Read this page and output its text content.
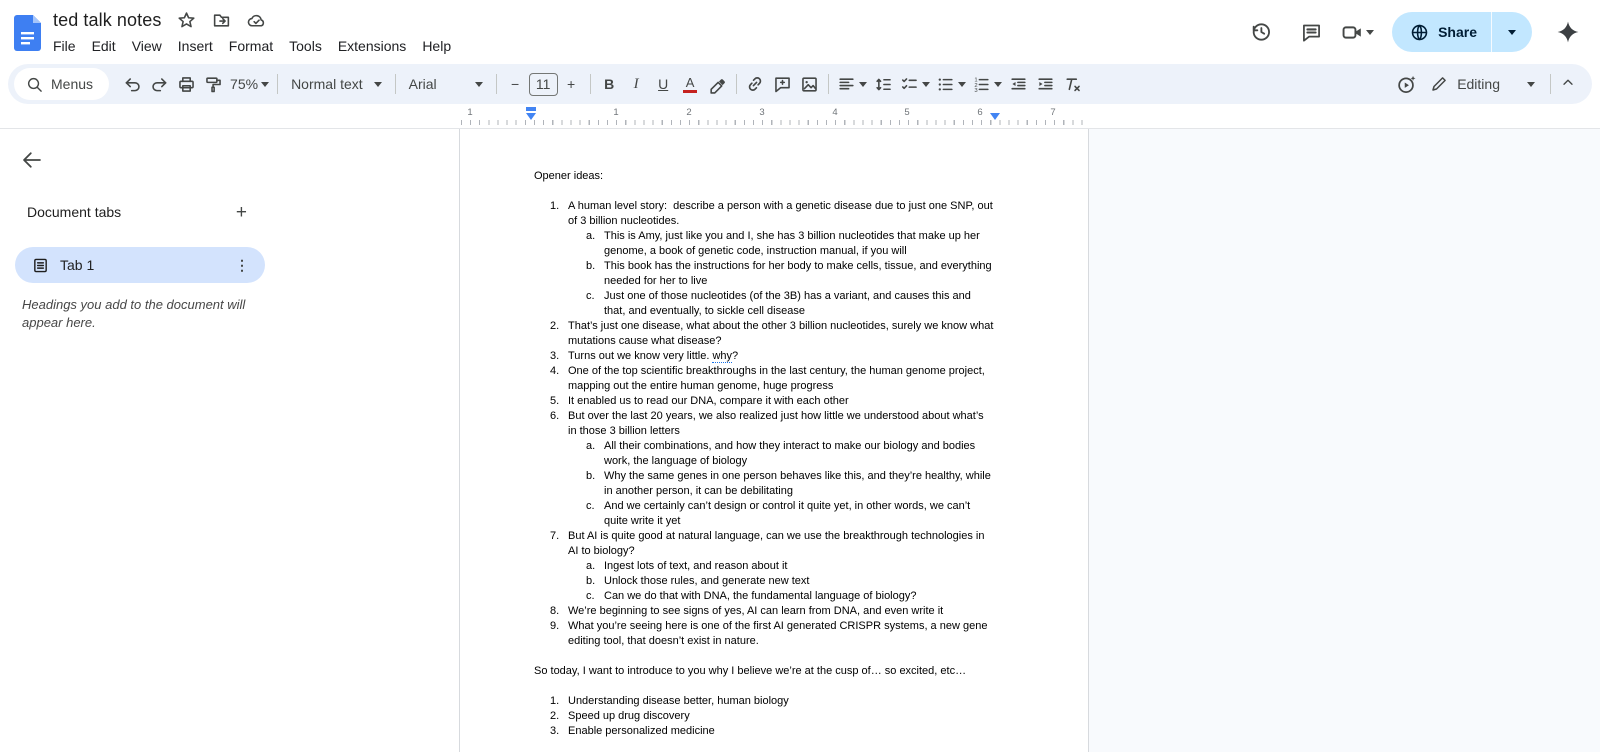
ted talk notes
File	Edit	View	Insert	Format	Tools	Extensions	Help
Share
Menus	75% Normal text	Arial	−	11	+ B I U A	1
2
3	Editing
1	1	2	3	4	5	6	7
Document tabs	+
Tab 1	⋮
Headings you add to the document will appear here.
Opener ideas:
1. A human level story:  describe a person with a genetic disease due to just one SNP, out of 3 billion nucleotides.
a. This is Amy, just like you and I, she has 3 billion nucleotides that make up her genome, a book of genetic code, instruction manual, if you will
b. This book has the instructions for her body to make cells, tissue, and everything needed for her to live
c. Just one of those nucleotides (of the 3B) has a variant, and causes this and that, and eventually, to sickle cell disease
2. That’s just one disease, what about the other 3 billion nucleotides, surely we know what mutations cause what disease?
3. Turns out we know very little. why?
4. One of the top scientific breakthroughs in the last century, the human genome project, mapping out the entire human genome, huge progress
5. It enabled us to read our DNA, compare it with each other
6. But over the last 20 years, we also realized just how little we understood about what’s in those 3 billion letters
a. All their combinations, and how they interact to make our biology and bodies work, the language of biology
b. Why the same genes in one person behaves like this, and they’re healthy, while in another person, it can be debilitating
c. And we certainly can’t design or control it quite yet, in other words, we can’t quite write it yet
7. But AI is quite good at natural language, can we use the breakthrough technologies in AI to biology?
a. Ingest lots of text, and reason about it
b. Unlock those rules, and generate new text
c. Can we do that with DNA, the fundamental language of biology?
8. We’re beginning to see signs of yes, AI can learn from DNA, and even write it
9. What you’re seeing here is one of the first AI generated CRISPR systems, a new gene editing tool, that doesn’t exist in nature.
So today, I want to introduce to you why I believe we’re at the cusp of… so excited, etc…
1. Understanding disease better, human biology
2. Speed up drug discovery
3. Enable personalized medicine
